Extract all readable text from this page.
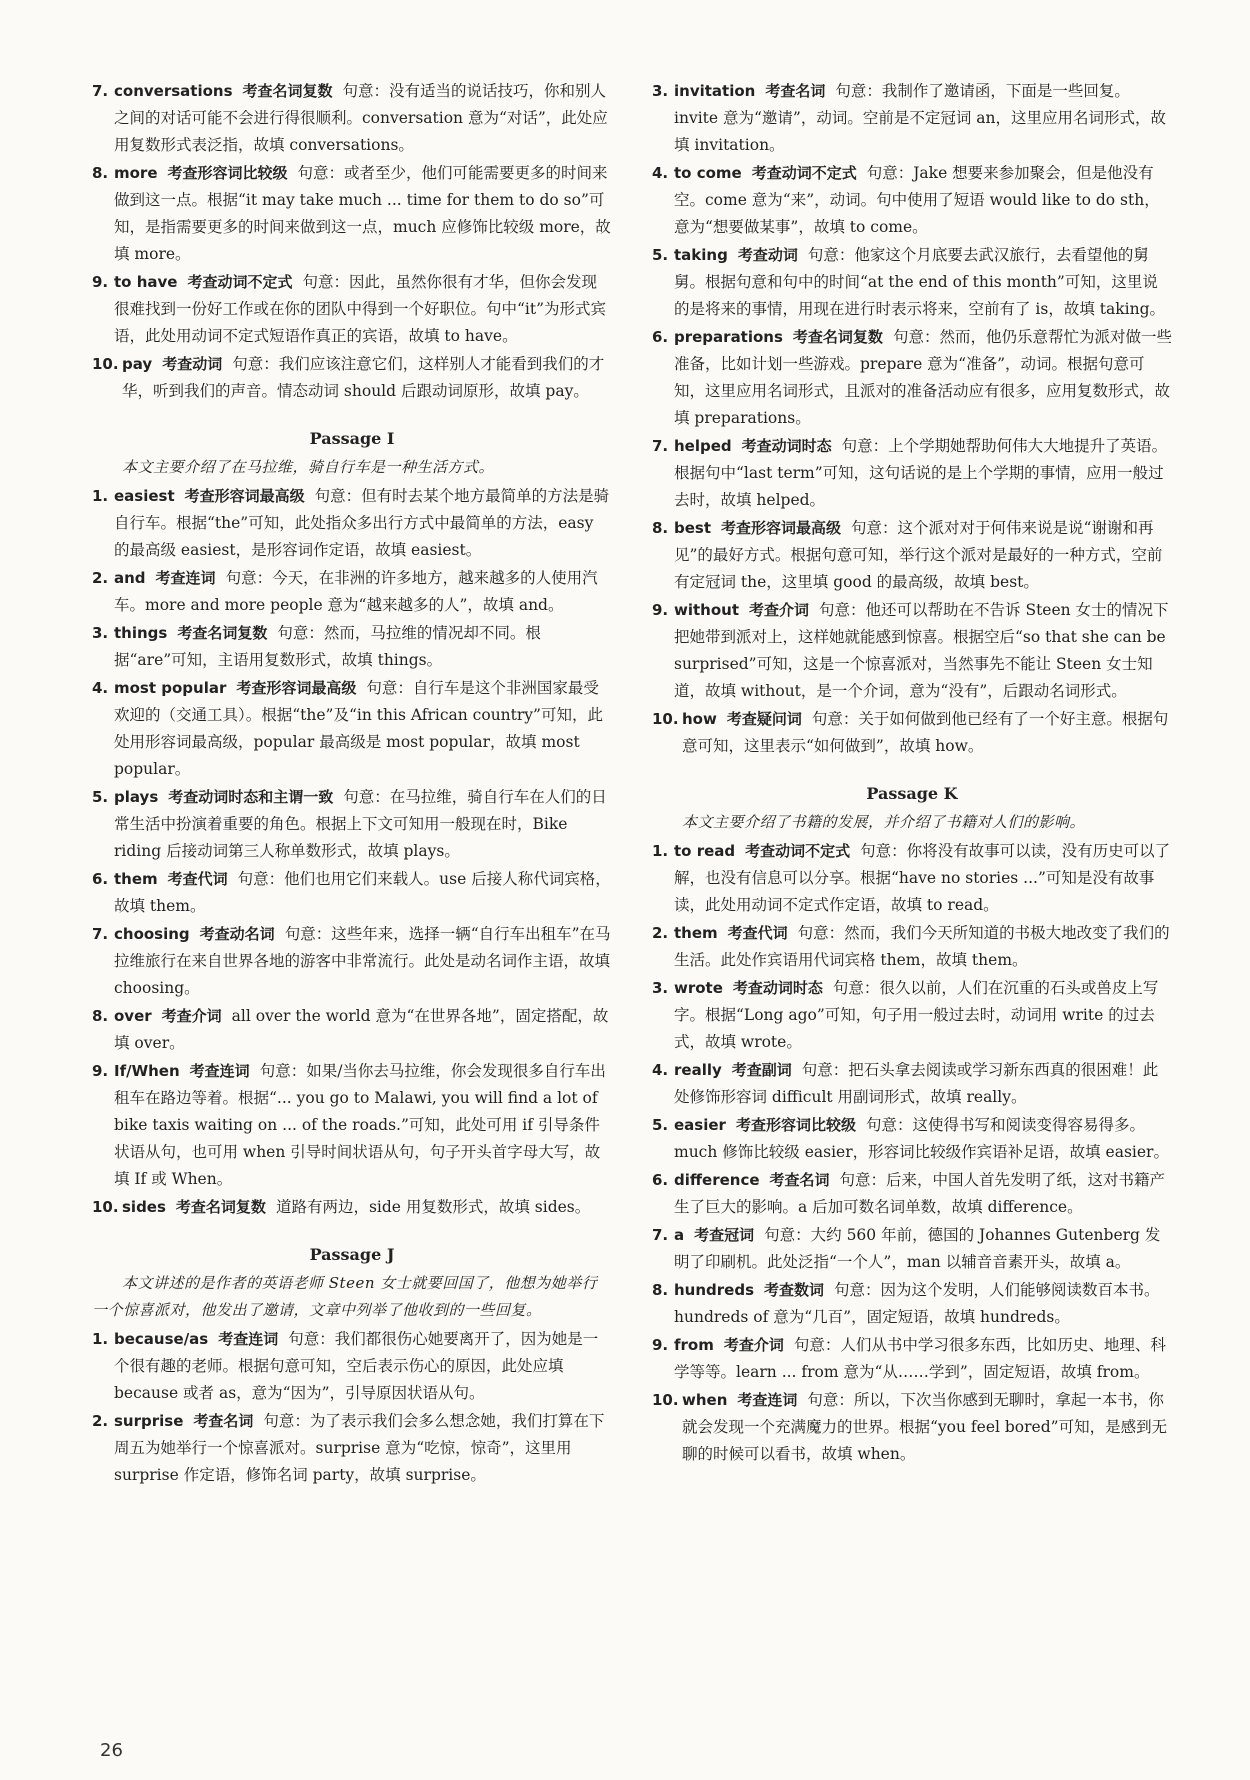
7. conversations 考查名词复数 句意：没有适当的说话技巧，你和别人之间的对话可能不会进行得很顺利。conversation 意为“对话”，此处应用复数形式表泛指，故填 conversations。
8. more 考查形容词比较级 句意：或者至少，他们可能需要更多的时间来做到这一点。根据“it may take much ... time for them to do so”可知，是指需要更多的时间来做到这一点，much 应修饰比较级 more，故填 more。
9. to have 考查动词不定式 句意：因此，虽然你很有才华，但你会发现很难找到一份好工作或在你的团队中得到一个好职位。句中“it”为形式宾语，此处用动词不定式短语作真正的宾语，故填 to have。
10. pay 考查动词 句意：我们应该注意它们，这样别人才能看到我们的才华，听到我们的声音。情态动词 should 后跟动词原形，故填 pay。
Passage I
本文主要介绍了在马拉维，骑自行车是一种生活方式。
1. easiest 考查形容词最高级 句意：但有时去某个地方最简单的方法是骑自行车。根据“the”可知，此处指众多出行方式中最简单的方法，easy 的最高级 easiest，是形容词作定语，故填 easiest。
2. and 考查连词 句意：今天，在非洲的许多地方，越来越多的人使用汽车。more and more people 意为“越来越多的人”，故填 and。
3. things 考查名词复数 句意：然而，马拉维的情况却不同。根据“are”可知，主语用复数形式，故填 things。
4. most popular 考查形容词最高级 句意：自行车是这个非洲国家最受欢迎的（交通工具）。根据“the”及“in this African country”可知，此处用形容词最高级，popular 最高级是 most popular，故填 most popular。
5. plays 考查动词时态和主谓一致 句意：在马拉维，骑自行车在人们的日常生活中扮演着重要的角色。根据上下文可知用一般现在时，Bike riding 后接动词第三人称单数形式，故填 plays。
6. them 考查代词 句意：他们也用它们来载人。use 后接人称代词宾格，故填 them。
7. choosing 考查动名词 句意：这些年来，选择一辆“自行车出租车”在马拉维旅行在来自世界各地的游客中非常流行。此处是动名词作主语，故填 choosing。
8. over 考查介词 all over the world 意为“在世界各地”，固定搭配，故填 over。
9. If/When 考查连词 句意：如果/当你去马拉维，你会发现很多自行车出租车在路边等着。根据“... you go to Malawi, you will find a lot of bike taxis waiting on ... of the roads.”可知，此处可用 if 引导条件状语从句，也可用 when 引导时间状语从句，句子开头首字母大写，故填 If 或 When。
10. sides 考查名词复数 道路有两边，side 用复数形式，故填 sides。
Passage J
本文讲述的是作者的英语老师 Steen 女士就要回国了，他想为她举行一个惊喜派对，他发出了邀请，文章中列举了他收到的一些回复。
1. because/as 考查连词 句意：我们都很伤心她要离开了，因为她是一个很有趣的老师。根据句意可知，空后表示伤心的原因，此处应填 because 或者 as，意为“因为”，引导原因状语从句。
2. surprise 考查名词 句意：为了表示我们会多么想念她，我们打算在下周五为她举行一个惊喜派对。surprise 意为“吃惊，惊奇”，这里用 surprise 作定语，修饰名词 party，故填 surprise。
3. invitation 考查名词 句意：我制作了邀请函，下面是一些回复。invite 意为“邀请”，动词。空前是不定冠词 an，这里应用名词形式，故填 invitation。
4. to come 考查动词不定式 句意：Jake 想要来参加聚会，但是他没有空。come 意为“来”，动词。句中使用了短语 would like to do sth，意为“想要做某事”，故填 to come。
5. taking 考查动词 句意：他家这个月底要去武汉旅行，去看望他的舅舅。根据句意和句中的时间“at the end of this month”可知，这里说的是将来的事情，用现在进行时表示将来，空前有了 is，故填 taking。
6. preparations 考查名词复数 句意：然而，他仍乐意帮忙为派对做一些准备，比如计划一些游戏。prepare 意为“准备”，动词。根据句意可知，这里应用名词形式，且派对的准备活动应有很多，应用复数形式，故填 preparations。
7. helped 考查动词时态 句意：上个学期她帮助何伟大大地提升了英语。根据句中“last term”可知，这句话说的是上个学期的事情，应用一般过去时，故填 helped。
8. best 考查形容词最高级 句意：这个派对对于何伟来说是说“谢谢和再见”的最好方式。根据句意可知，举行这个派对是最好的一种方式，空前有定冠词 the，这里填 good 的最高级，故填 best。
9. without 考查介词 句意：他还可以帮助在不告诉 Steen 女士的情况下把她带到派对上，这样她就能感到惊喜。根据空后“so that she can be surprised”可知，这是一个惊喜派对，当然事先不能让 Steen 女士知道，故填 without，是一个介词，意为“没有”，后跟动名词形式。
10. how 考查疑问词 句意：关于如何做到他已经有了一个好主意。根据句意可知，这里表示“如何做到”，故填 how。
Passage K
本文主要介绍了书籍的发展，并介绍了书籍对人们的影响。
1. to read 考查动词不定式 句意：你将没有故事可以读，没有历史可以了解，也没有信息可以分享。根据“have no stories ...”可知是没有故事读，此处用动词不定式作定语，故填 to read。
2. them 考查代词 句意：然而，我们今天所知道的书极大地改变了我们的生活。此处作宾语用代词宾格 them，故填 them。
3. wrote 考查动词时态 句意：很久以前，人们在沉重的石头或兽皮上写字。根据“Long ago”可知，句子用一般过去时，动词用 write 的过去式，故填 wrote。
4. really 考查副词 句意：把石头拿去阅读或学习新东西真的很困难！此处修饰形容词 difficult 用副词形式，故填 really。
5. easier 考查形容词比较级 句意：这使得书写和阅读变得容易得多。much 修饰比较级 easier，形容词比较级作宾语补足语，故填 easier。
6. difference 考查名词 句意：后来，中国人首先发明了纸，这对书籍产生了巨大的影响。a 后加可数名词单数，故填 difference。
7. a 考查冠词 句意：大约 560 年前，德国的 Johannes Gutenberg 发明了印刷机。此处泛指“一个人”，man 以辅音音素开头，故填 a。
8. hundreds 考查数词 句意：因为这个发明，人们能够阅读数百本书。hundreds of 意为“几百”，固定短语，故填 hundreds。
9. from 考查介词 句意：人们从书中学习很多东西，比如历史、地理、科学等等。learn ... from 意为“从……学到”，固定短语，故填 from。
10. when 考查连词 句意：所以，下次当你感到无聊时，拿起一本书，你就会发现一个充满魔力的世界。根据“you feel bored”可知，是感到无聊的时候可以看书，故填 when。
26
